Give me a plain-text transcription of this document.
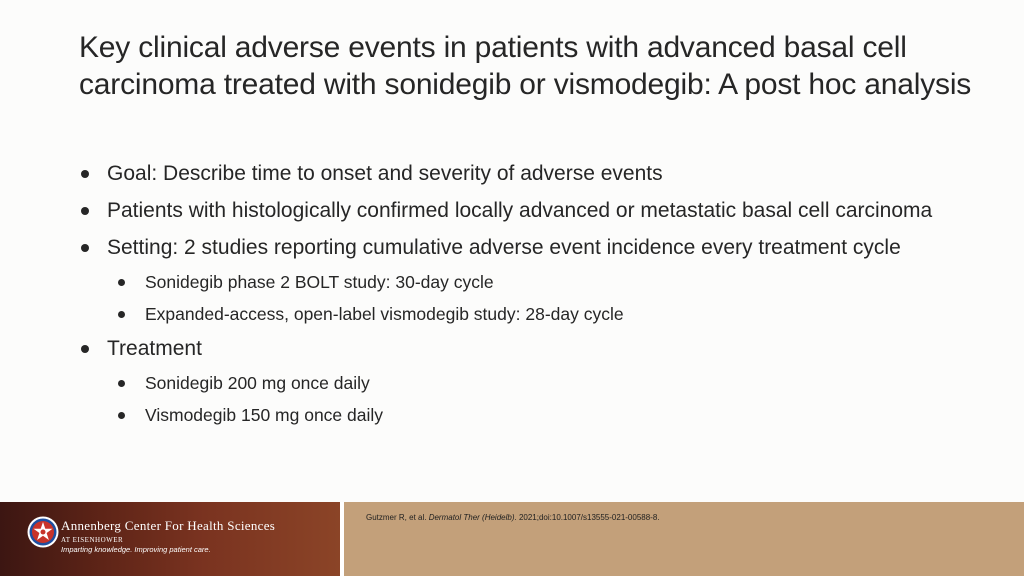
Key clinical adverse events in patients with advanced basal cell carcinoma treated with sonidegib or vismodegib: A post hoc analysis
Goal: Describe time to onset and severity of adverse events
Patients with histologically confirmed locally advanced or metastatic basal cell carcinoma
Setting: 2 studies reporting cumulative adverse event incidence every treatment cycle
Sonidegib phase 2 BOLT study: 30-day cycle
Expanded-access, open-label vismodegib study: 28-day cycle
Treatment
Sonidegib 200 mg once daily
Vismodegib 150 mg once daily
Annenberg Center For Health Sciences
AT EISENHOWER
Imparting knowledge. Improving patient care.
Gutzmer R, et al. Dermatol Ther (Heidelb). 2021;doi:10.1007/s13555-021-00588-8.
